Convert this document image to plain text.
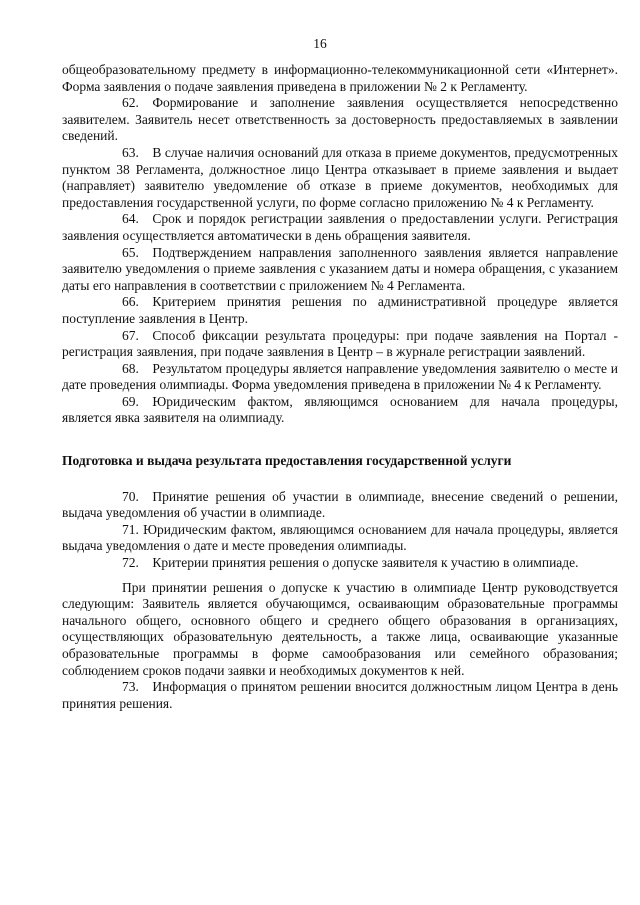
16

общеобразовательному предмету в информационно-телекоммуникационной сети «Интернет». Форма заявления о подаче заявления приведена в приложении № 2 к Регламенту.

62. Формирование и заполнение заявления осуществляется непосредственно заявителем. Заявитель несет ответственность за достоверность предоставляемых в заявлении сведений.

63. В случае наличия оснований для отказа в приеме документов, предусмотренных пунктом 38 Регламента, должностное лицо Центра отказывает в приеме заявления и выдает (направляет) заявителю уведомление об отказе в приеме документов, необходимых для предоставления государственной услуги, по форме согласно приложению № 4 к Регламенту.

64. Срок и порядок регистрации заявления о предоставлении услуги. Регистрация заявления осуществляется автоматически в день обращения заявителя.

65. Подтверждением направления заполненного заявления является направление заявителю уведомления о приеме заявления с указанием даты и номера обращения, с указанием даты его направления в соответствии с приложением № 4 Регламента.

66. Критерием принятия решения по административной процедуре является поступление заявления в Центр.

67. Способ фиксации результата процедуры: при подаче заявления на Портал - регистрация заявления, при подаче заявления в Центр – в журнале регистрации заявлений.

68. Результатом процедуры является направление уведомления заявителю о месте и дате проведения олимпиады. Форма уведомления приведена в приложении № 4 к Регламенту.

69. Юридическим фактом, являющимся основанием для начала процедуры, является явка заявителя на олимпиаду.

Подготовка и выдача результата предоставления государственной услуги

70. Принятие решения об участии в олимпиаде, внесение сведений о решении, выдача уведомления об участии в олимпиаде.

71. Юридическим фактом, являющимся основанием для начала процедуры, является выдача уведомления о дате и месте проведения олимпиады.

72. Критерии принятия решения о допуске заявителя к участию в олимпиаде.

При принятии решения о допуске к участию в олимпиаде Центр руководствуется следующим: Заявитель является обучающимся, осваивающим образовательные программы начального общего, основного общего и среднего общего образования в организациях, осуществляющих образовательную деятельность, а также лица, осваивающие указанные образовательные программы в форме самообразования или семейного образования; соблюдением сроков подачи заявки и необходимых документов к ней.

73. Информация о принятом решении вносится должностным лицом Центра в день принятия решения.
